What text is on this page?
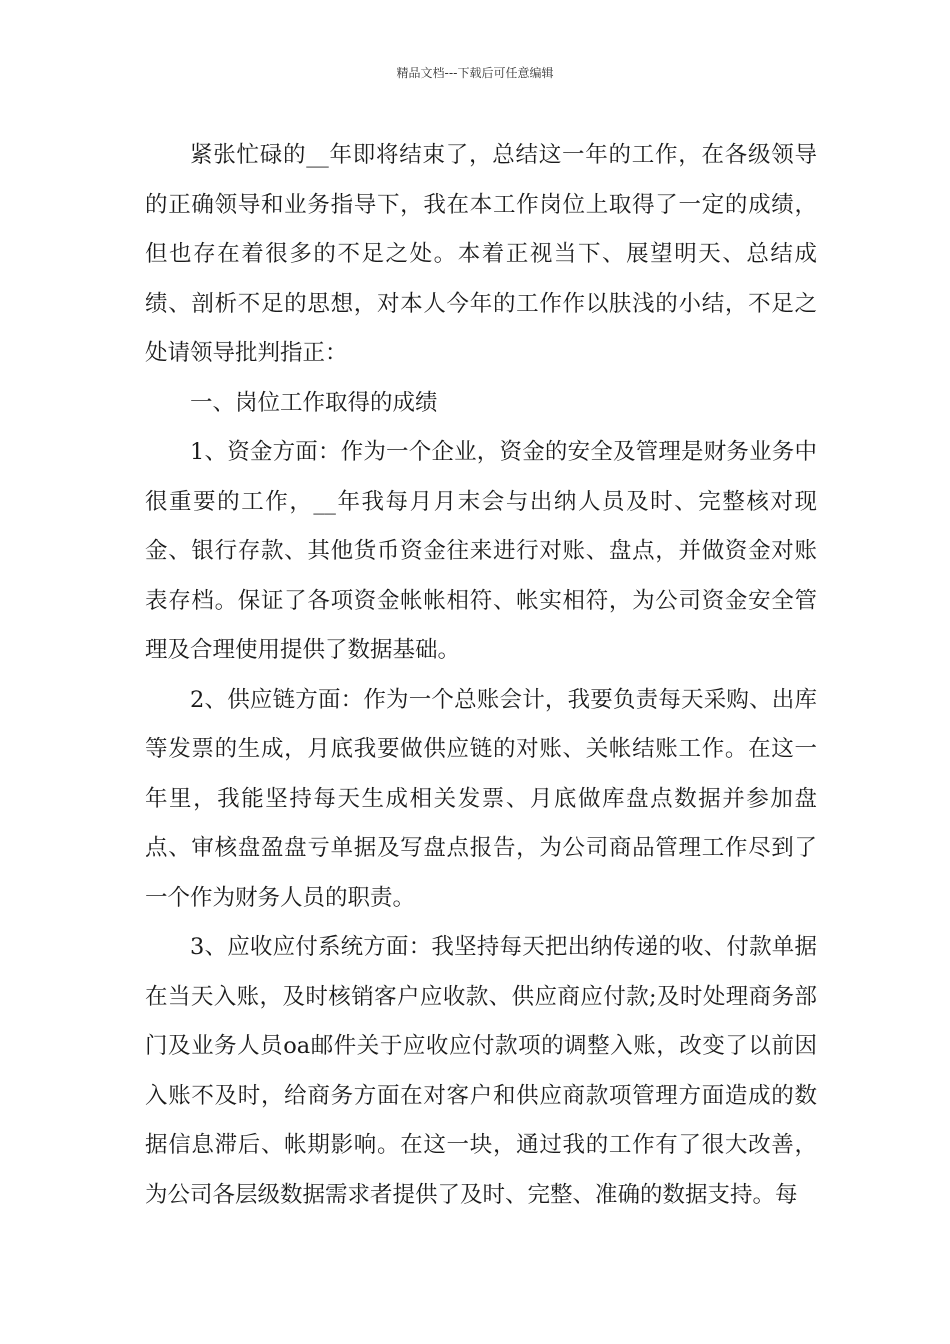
精品文档---下载后可任意编辑

紧张忙碌的__年即将结束了，总结这一年的工作，在各级领导的正确领导和业务指导下，我在本工作岗位上取得了一定的成绩，但也存在着很多的不足之处。本着正视当下、展望明天、总结成绩、剖析不足的思想，对本人今年的工作作以肤浅的小结，不足之处请领导批判指正：

一、岗位工作取得的成绩

1、资金方面：作为一个企业，资金的安全及管理是财务业务中很重要的工作，__年我每月月末会与出纳人员及时、完整核对现金、银行存款、其他货币资金往来进行对账、盘点，并做资金对账表存档。保证了各项资金帐帐相符、帐实相符，为公司资金安全管理及合理使用提供了数据基础。

2、供应链方面：作为一个总账会计，我要负责每天采购、出库等发票的生成，月底我要做供应链的对账、关帐结账工作。在这一年里，我能坚持每天生成相关发票、月底做库盘点数据并参加盘点、审核盘盈盘亏单据及写盘点报告，为公司商品管理工作尽到了一个作为财务人员的职责。

3、应收应付系统方面：我坚持每天把出纳传递的收、付款单据在当天入账，及时核销客户应收款、供应商应付款;及时处理商务部门及业务人员oa邮件关于应收应付款项的调整入账，改变了以前因入账不及时，给商务方面在对客户和供应商款项管理方面造成的数据信息滞后、帐期影响。在这一块，通过我的工作有了很大改善，为公司各层级数据需求者提供了及时、完整、准确的数据支持。每
